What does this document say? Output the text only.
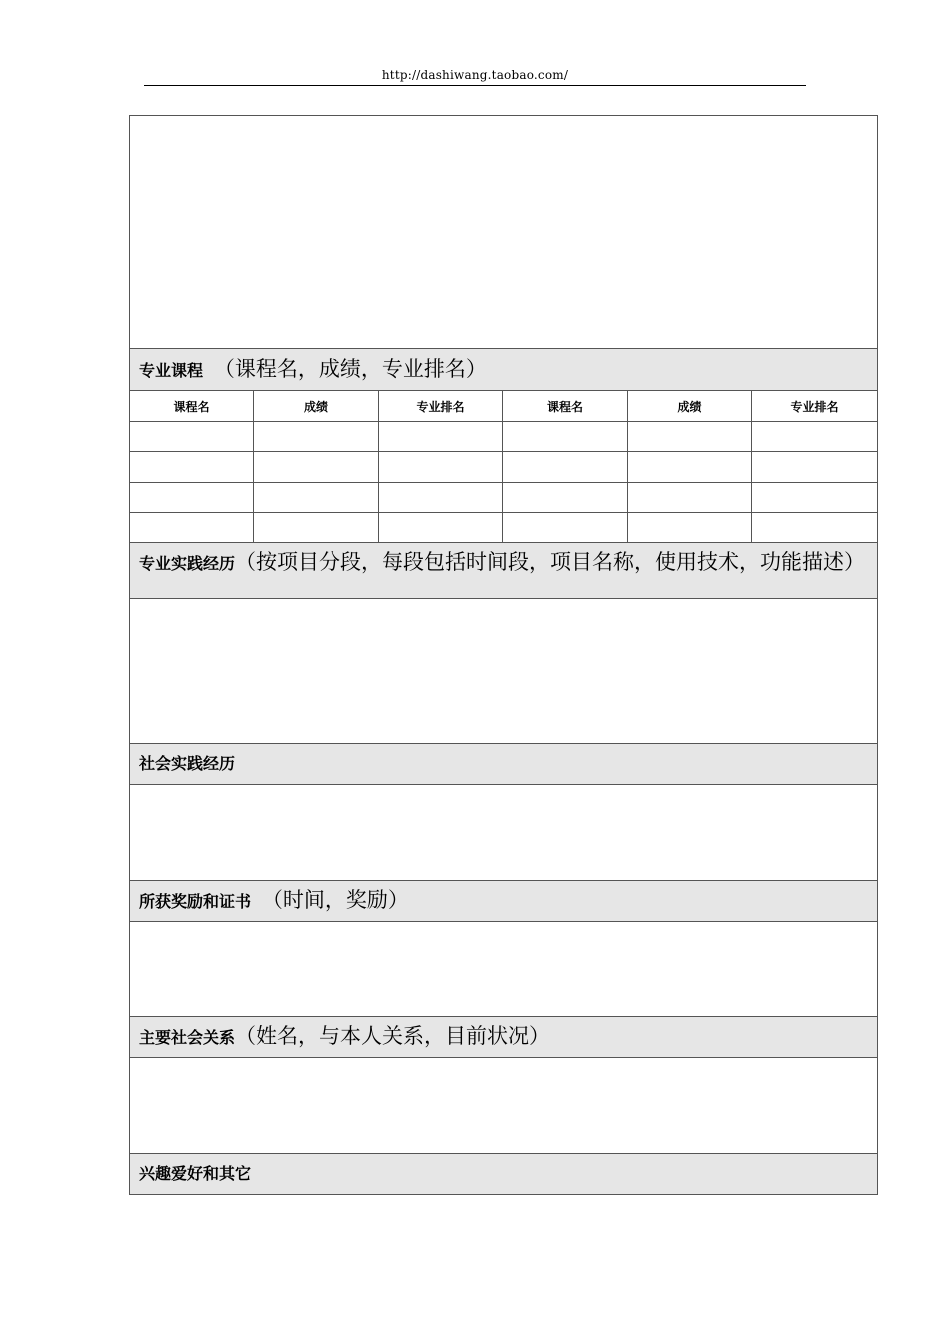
http://dashiwang.taobao.com/

专业课程 （课程名，成绩，专业排名）					
课程名	成绩	专业排名	课程名	成绩	专业排名

专业实践经历（按项目分段，每段包括时间段，项目名称，使用技术，功能描述）					

社会实践经历					

所获奖励和证书 （时间，奖励）					

主要社会关系（姓名，与本人关系，目前状况）					

兴趣爱好和其它					
